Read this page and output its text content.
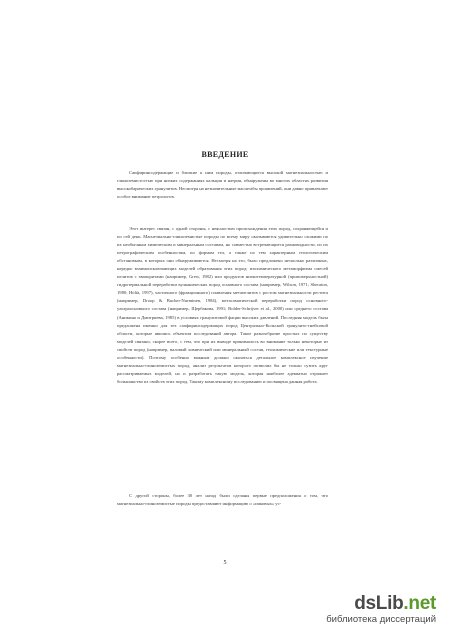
ВВЕДЕНИЕ

Сапфиринсодержащие и близкие к ним породы, отличающиеся высокой магнезиальностью и глиноземистостью при низких содержаниях кальция и натрия, обнаружены во многих областях развития высокобарических гранулитов. Несмотря на незначительные масштабы проявлений, они давно привлекают особое внимание петрологов.

Этот интерес связан, с одной стороны, с неясностью происхождения этих пород, сохраняющейся и по сей день. Магнезиально-глиноземистые породы по всему миру оказываются удивительно схожими по их необычным химическим и минеральным составам, но совместно встречающиеся разновидности, по их петрографическим особенностям, по формам тел, а также по тем характерным геологическим обстановкам, в которых они обнаруживаются. Несмотря на это, было предложено несколько различных, нередко взаимоисключающих моделей образования этих пород: изохимического метаморфизма смесей пелитов с эвапоритами (например, Grew, 1982) или продуктов низкотемпературной (приповерхностной) гидротермальной переработки вулканических пород основного состава (например, Wilson, 1971; Sheraton, 1980; Höltä, 1997), частичного (фракционного) плавления метапелитов с ростом магнезиальности рестита (например, Droop & Bucher-Nurminen, 1984), метасоматической переработки пород основного-ультраосновного состава (например, Щербакова, 1991; Bolder-Schrijver et al., 2000) или среднего состава (Аникина и Дмитриева, 1985) в условиях гранулитовой фации высоких давлений. Последняя модель была предложена именно для тех сапфиринсодержащих пород Центрально-Кольской гранулито-гнейсовой области, которые явились объектом исследований автора. Такое разнообразие простых по существу моделей связано, скорее всего, с тем, что при их выводе принималось во внимание только некоторые из свойств пород (например, валовый химический или минеральный состав, геохимические или текстурные особенности). Поэтому особенно важным должно оказаться детальное комплексное изучение магнезиально-глиноземистых пород, анализ результатов которого позволил бы не только сузить круг рассматриваемых моделей, но и разработать такую модель, которая наиболее адекватно отражает большинство из свойств этих пород. Такому комплексному исследованию и посвящена данная работа.

С другой стороны, более 30 лет назад были сделаны первые предположения о том, что магнезиально-глиноземистые породы предоставляют информацию о «пиковых» ус-

5
dsLib.net
библиотека диссертаций
